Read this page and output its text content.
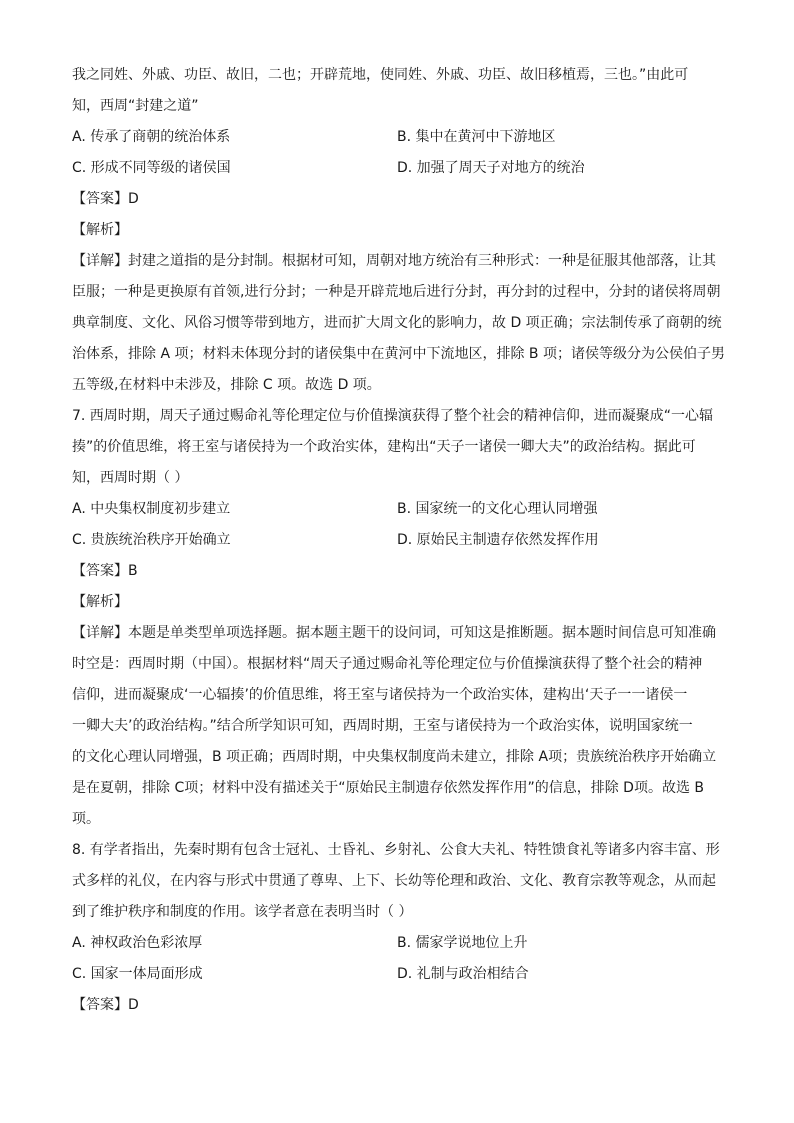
我之同姓、外戚、功臣、故旧，二也；开辟荒地，使同姓、外戚、功臣、故旧移植焉，三也。”由此可
知，西周“封建之道”
A. 传承了商朝的统治体系	B. 集中在黄河中下游地区
C. 形成不同等级的诸侯国	D. 加强了周天子对地方的统治
【答案】D
【解析】
【详解】封建之道指的是分封制。根据材可知，周朝对地方统治有三种形式：一种是征服其他部落，让其
臣服；一种是更换原有首领,进行分封；一种是开辟荒地后进行分封，再分封的过程中，分封的诸侯将周朝
典章制度、文化、风俗习惯等带到地方，进而扩大周文化的影响力，故 D 项正确；宗法制传承了商朝的统
治体系，排除 A 项；材料未体现分封的诸侯集中在黄河中下流地区，排除 B 项；诸侯等级分为公侯伯子男
五等级,在材料中未涉及，排除 C 项。故选 D 项。
7. 西周时期，周天子通过赐命礼等伦理定位与价值操演获得了整个社会的精神信仰，进而凝聚成“一心辐
揍”的价值思维，将王室与诸侯持为一个政治实体，建构出“天子一诸侯一卿大夫”的政治结构。据此可
知，西周时期（ ）
A. 中央集权制度初步建立	B. 国家统一的文化心理认同增强
C. 贵族统治秩序开始确立	D. 原始民主制遗存依然发挥作用
【答案】B
【解析】
【详解】本题是单类型单项选择题。据本题主题干的设问词，可知这是推断题。据本题时间信息可知准确
时空是：西周时期（中国）。根据材料“周天子通过赐命礼等伦理定位与价值操演获得了整个社会的精神
信仰，进而凝聚成‘一心辐揍’的价值思维，将王室与诸侯持为一个政治实体，建构出‘天子一一诸侯一
一卿大夫’的政治结构。”结合所学知识可知，西周时期，王室与诸侯持为一个政治实体，说明国家统一
的文化心理认同增强，B 项正确；西周时期，中央集权制度尚未建立，排除 A项；贵族统治秩序开始确立
是在夏朝，排除 C项；材料中没有描述关于“原始民主制遗存依然发挥作用”的信息，排除 D项。故选 B
项。
8. 有学者指出，先秦时期有包含士冠礼、士昏礼、乡射礼、公食大夫礼、特牲馈食礼等诸多内容丰富、形
式多样的礼仪，在内容与形式中贯通了尊卑、上下、长幼等伦理和政治、文化、教育宗教等观念，从而起
到了维护秩序和制度的作用。该学者意在表明当时（ ）
A. 神权政治色彩浓厚	B. 儒家学说地位上升
C. 国家一体局面形成	D. 礼制与政治相结合
【答案】D
